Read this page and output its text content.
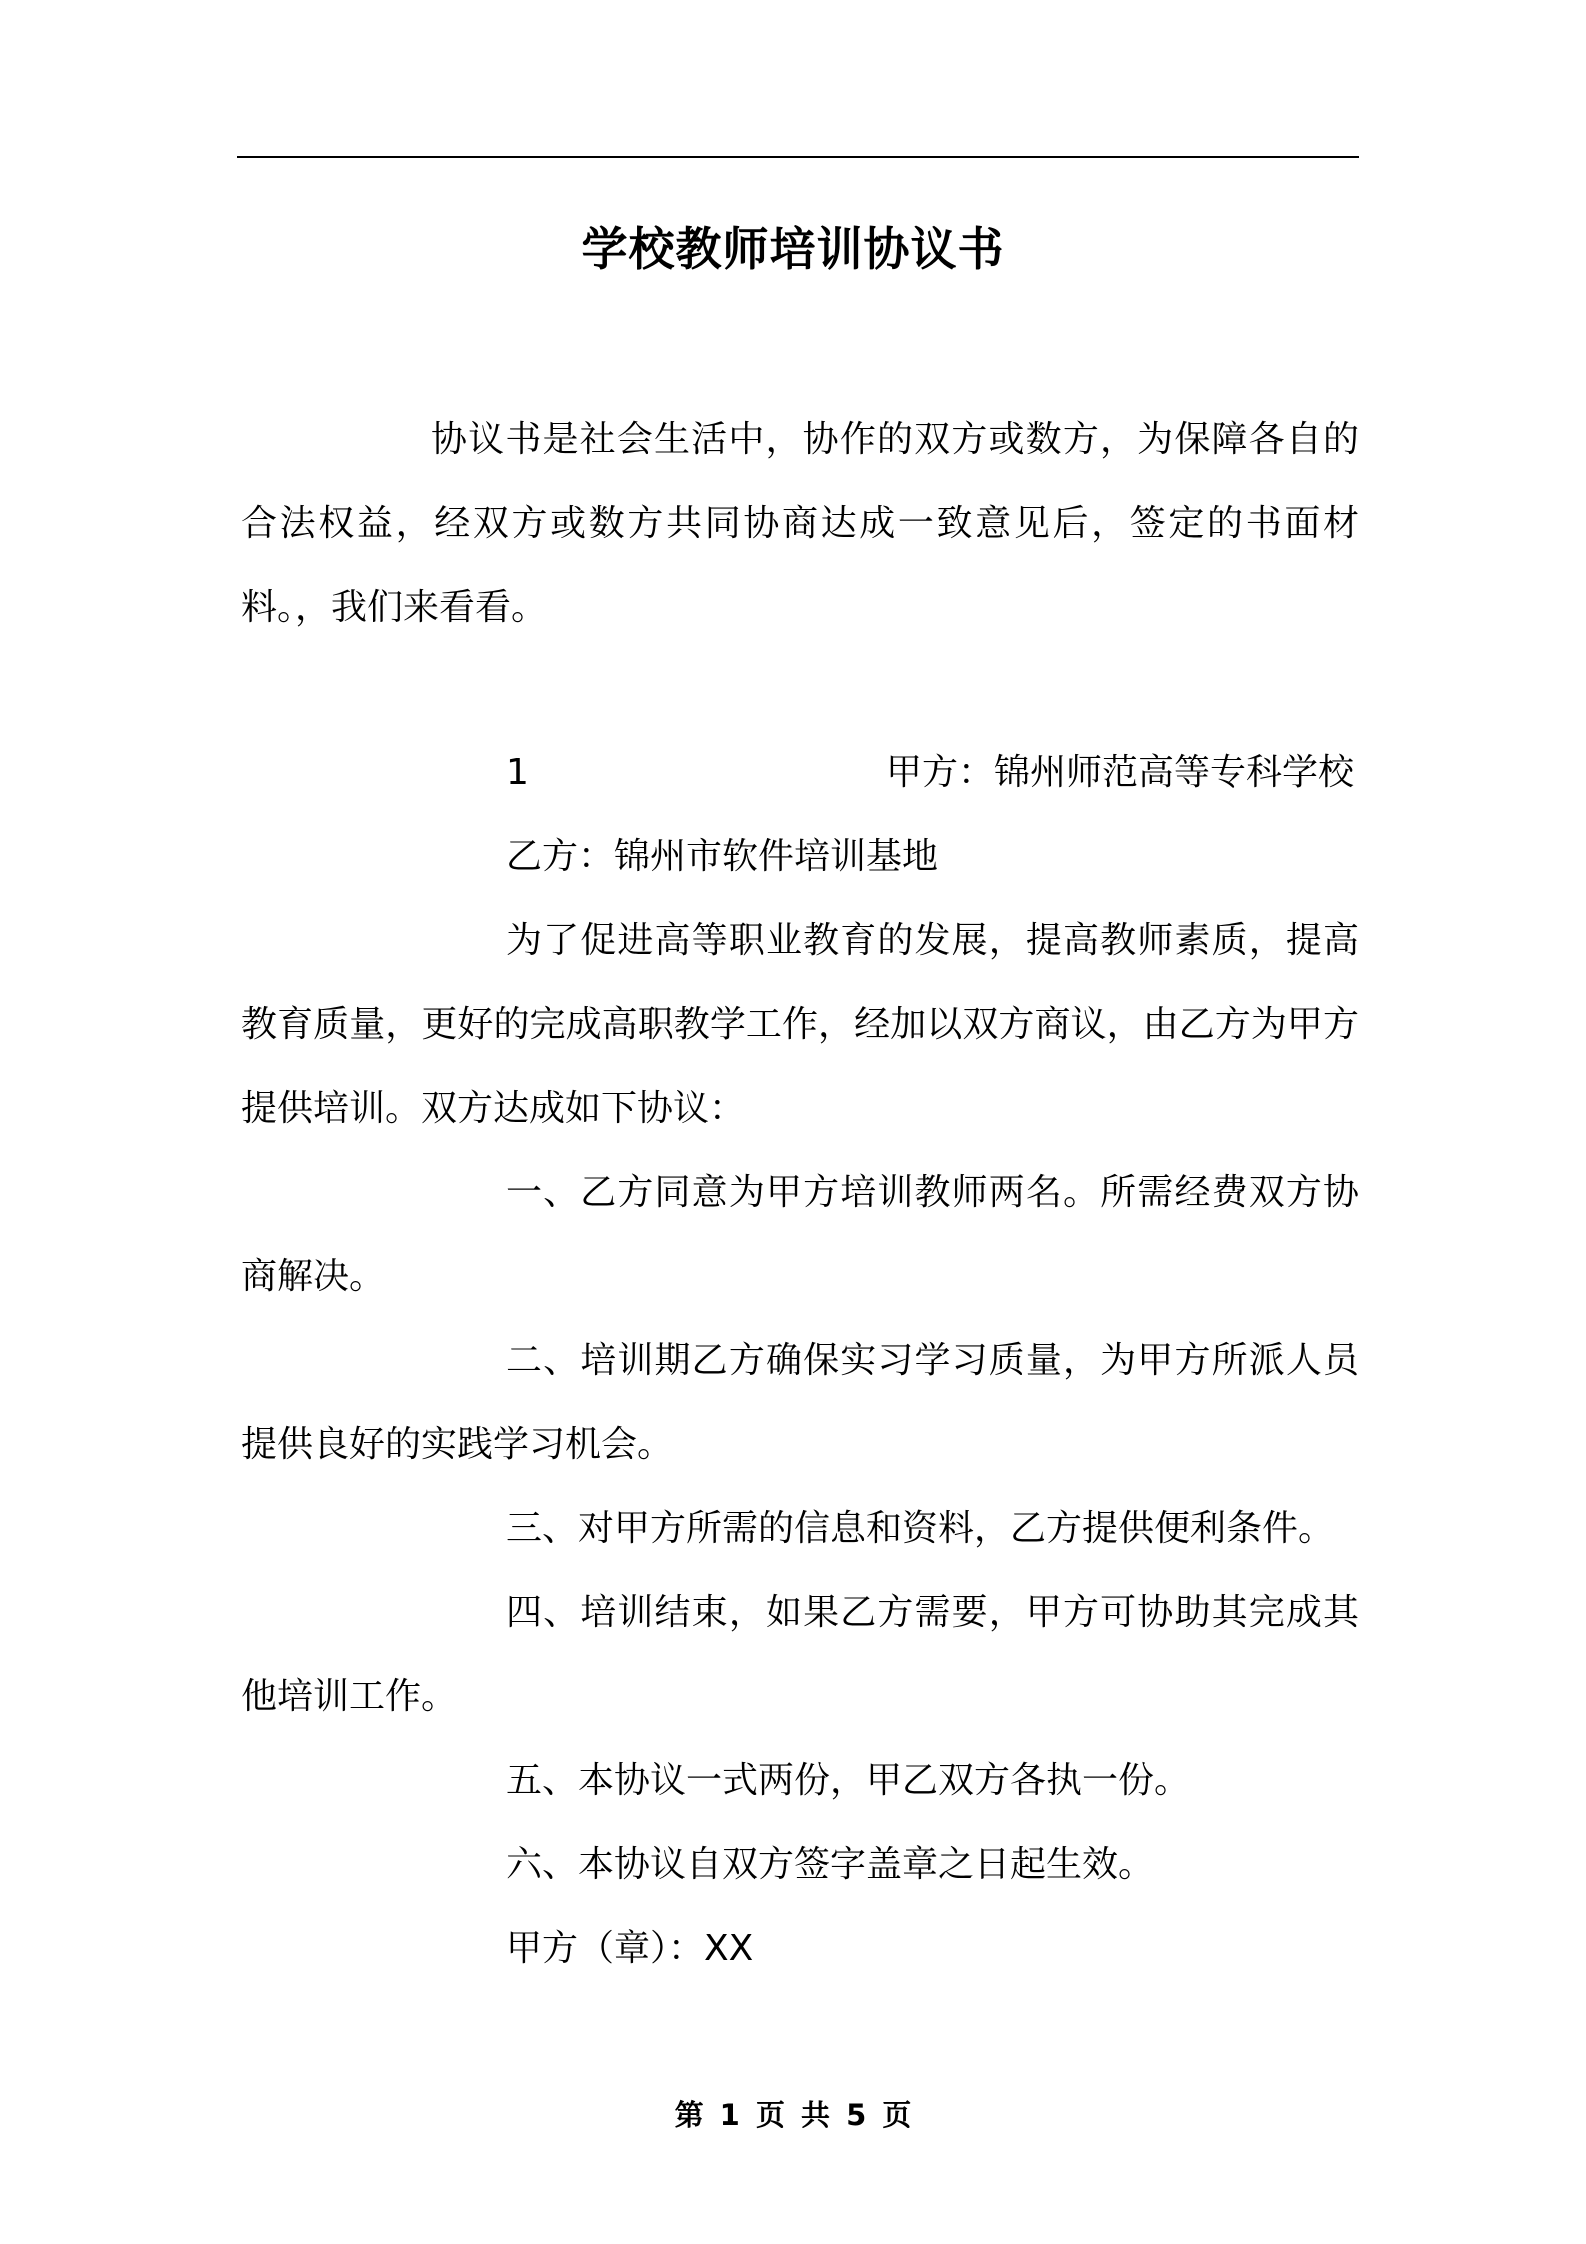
学校教师培训协议书
协议书是社会生活中，协作的双方或数方，为保障各自的合法权益，经双方或数方共同协商达成一致意见后，签定的书面材料。，我们来看看。
1	甲方：锦州师范高等专科学校
乙方：锦州市软件培训基地
为了促进高等职业教育的发展，提高教师素质，提高教育质量，更好的完成高职教学工作，经加以双方商议，由乙方为甲方提供培训。双方达成如下协议：
一、乙方同意为甲方培训教师两名。所需经费双方协商解决。
二、培训期乙方确保实习学习质量，为甲方所派人员提供良好的实践学习机会。
三、对甲方所需的信息和资料，乙方提供便利条件。
四、培训结束，如果乙方需要，甲方可协助其完成其他培训工作。
五、本协议一式两份，甲乙双方各执一份。
六、本协议自双方签字盖章之日起生效。
甲方（章）：XX
第 1 页 共 5 页
